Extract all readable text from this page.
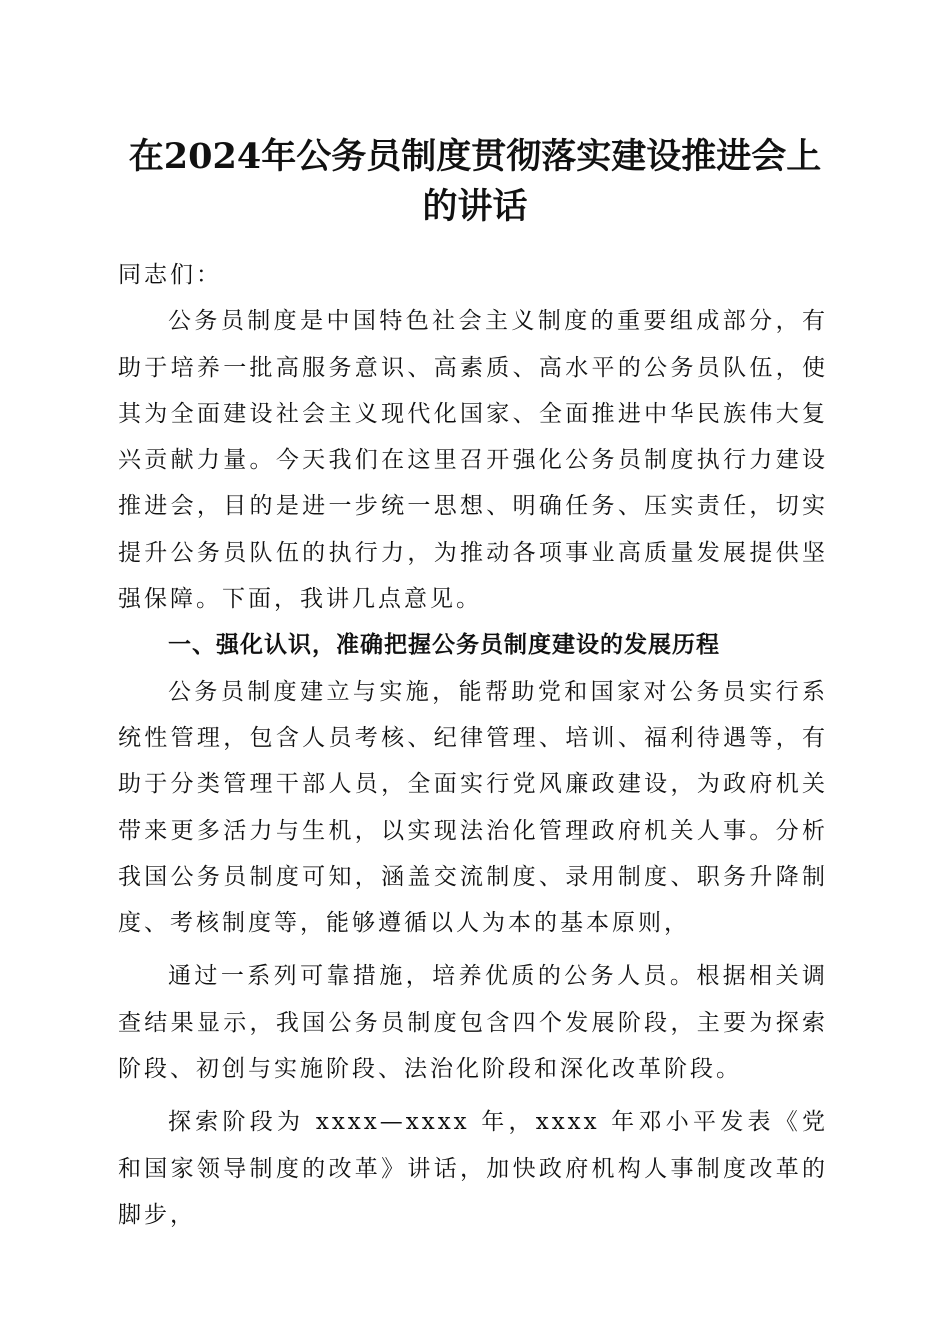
在2024年公务员制度贯彻落实建设推进会上
的讲话

同志们：

公务员制度是中国特色社会主义制度的重要组成部分，有助于培养一批高服务意识、高素质、高水平的公务员队伍，使其为全面建设社会主义现代化国家、全面推进中华民族伟大复兴贡献力量。今天我们在这里召开强化公务员制度执行力建设推进会，目的是进一步统一思想、明确任务、压实责任，切实提升公务员队伍的执行力，为推动各项事业高质量发展提供坚强保障。下面，我讲几点意见。

一、强化认识，准确把握公务员制度建设的发展历程

公务员制度建立与实施，能帮助党和国家对公务员实行系统性管理，包含人员考核、纪律管理、培训、福利待遇等，有助于分类管理干部人员，全面实行党风廉政建设，为政府机关带来更多活力与生机，以实现法治化管理政府机关人事。分析我国公务员制度可知，涵盖交流制度、录用制度、职务升降制度、考核制度等，能够遵循以人为本的基本原则，

通过一系列可靠措施，培养优质的公务人员。根据相关调查结果显示，我国公务员制度包含四个发展阶段，主要为探索阶段、初创与实施阶段、法治化阶段和深化改革阶段。

探索阶段为 xxxx—xxxx 年，xxxx 年邓小平发表《党和国家领导制度的改革》讲话，加快政府机构人事制度改革的脚步，
